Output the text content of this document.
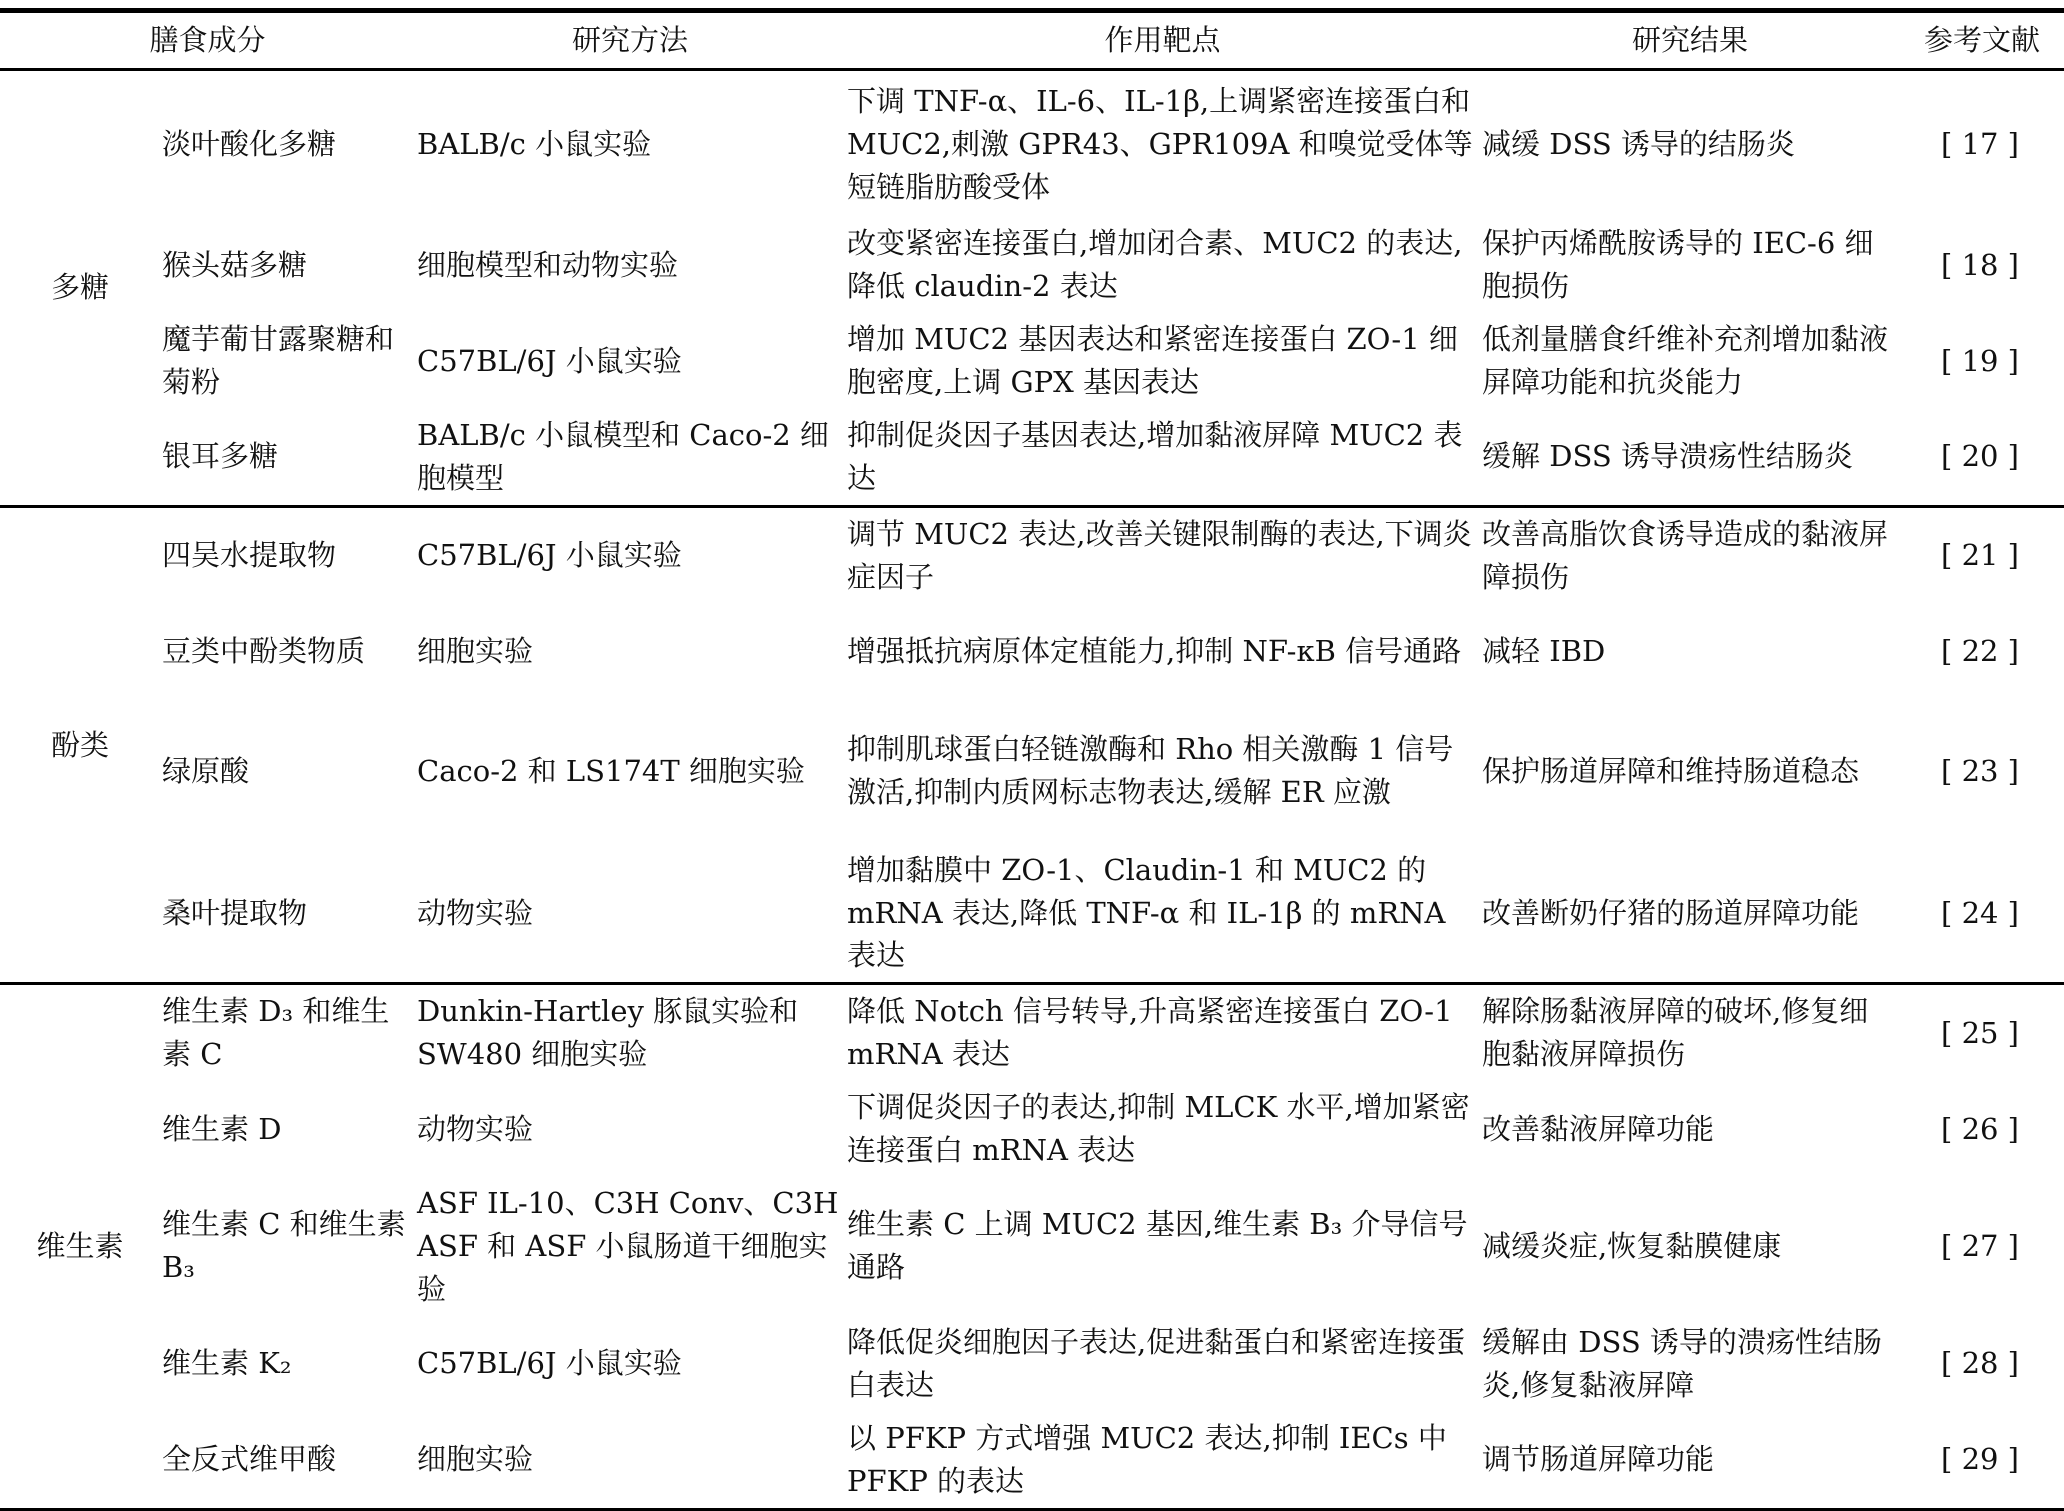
膳食成分		研究方法	作用靶点	研究结果	参考文献
多糖	淡叶酸化多糖	BALB/c 小鼠实验	下调 TNF-α、IL-6、IL-1β,上调紧密连接蛋白和 MUC2,刺激 GPR43、GPR109A 和嗅觉受体等短链脂肪酸受体	减缓 DSS 诱导的结肠炎	[ 17 ]
	猴头菇多糖	细胞模型和动物实验	改变紧密连接蛋白,增加闭合素、MUC2 的表达,降低 claudin-2 表达	保护丙烯酰胺诱导的 IEC-6 细胞损伤	[ 18 ]
	魔芋葡甘露聚糖和菊粉	C57BL/6J 小鼠实验	增加 MUC2 基因表达和紧密连接蛋白 ZO-1 细胞密度,上调 GPX 基因表达	低剂量膳食纤维补充剂增加黏液屏障功能和抗炎能力	[ 19 ]
	银耳多糖	BALB/c 小鼠模型和 Caco-2 细胞模型	抑制促炎因子基因表达,增加黏液屏障 MUC2 表达	缓解 DSS 诱导溃疡性结肠炎	[ 20 ]
酚类	四吴水提取物	C57BL/6J 小鼠实验	调节 MUC2 表达,改善关键限制酶的表达,下调炎症因子	改善高脂饮食诱导造成的黏液屏障损伤	[ 21 ]
	豆类中酚类物质	细胞实验	增强抵抗病原体定植能力,抑制 NF-κB 信号通路	减轻 IBD	[ 22 ]
	绿原酸	Caco-2 和 LS174T 细胞实验	抑制肌球蛋白轻链激酶和 Rho 相关激酶 1 信号激活,抑制内质网标志物表达,缓解 ER 应激	保护肠道屏障和维持肠道稳态	[ 23 ]
	桑叶提取物	动物实验	增加黏膜中 ZO-1、Claudin-1 和 MUC2 的 mRNA 表达,降低 TNF-α 和 IL-1β 的 mRNA 表达	改善断奶仔猪的肠道屏障功能	[ 24 ]
维生素	维生素 D₃ 和维生素 C	Dunkin-Hartley 豚鼠实验和 SW480 细胞实验	降低 Notch 信号转导,升高紧密连接蛋白 ZO-1 mRNA 表达	解除肠黏液屏障的破坏,修复细胞黏液屏障损伤	[ 25 ]
	维生素 D	动物实验	下调促炎因子的表达,抑制 MLCK 水平,增加紧密连接蛋白 mRNA 表达	改善黏液屏障功能	[ 26 ]
	维生素 C 和维生素 B₃	ASF IL-10、C3H Conv、C3H ASF 和 ASF 小鼠肠道干细胞实验	维生素 C 上调 MUC2 基因,维生素 B₃ 介导信号通路	减缓炎症,恢复黏膜健康	[ 27 ]
	维生素 K₂	C57BL/6J 小鼠实验	降低促炎细胞因子表达,促进黏蛋白和紧密连接蛋白表达	缓解由 DSS 诱导的溃疡性结肠炎,修复黏液屏障	[ 28 ]
	全反式维甲酸	细胞实验	以 PFKP 方式增强 MUC2 表达,抑制 IECs 中 PFKP 的表达	调节肠道屏障功能	[ 29 ]
